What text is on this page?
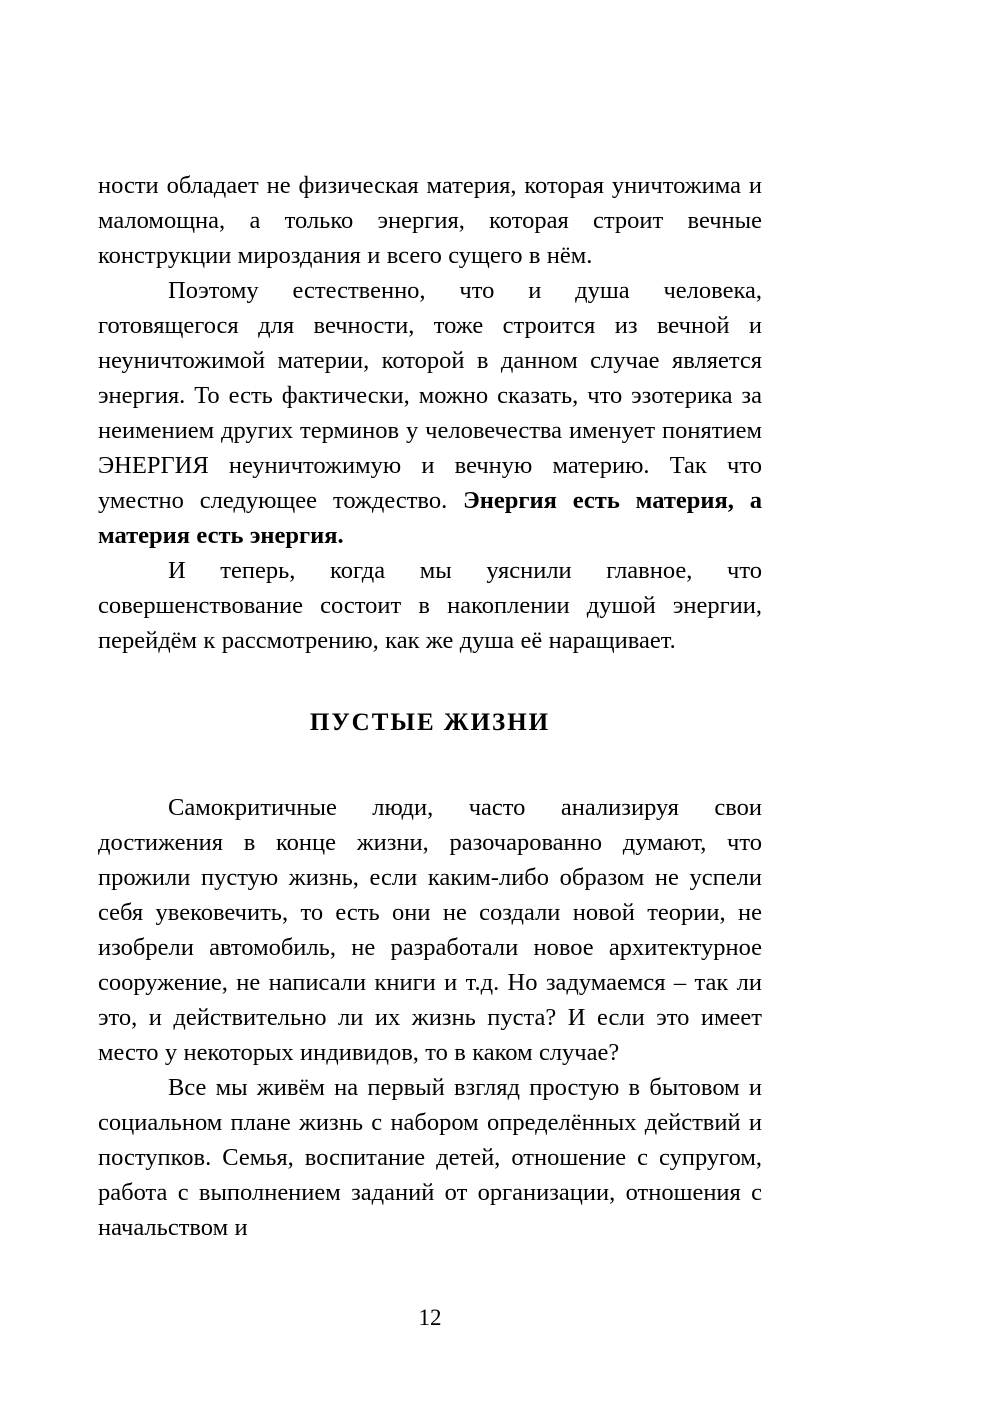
ности обладает не физическая материя, которая уничтожима и маломощна, а только энергия, которая строит вечные конструкции мироздания и всего сущего в нём.

Поэтому естественно, что и душа человека, готовящегося для вечности, тоже строится из вечной и неуничтожимой материи, которой в данном случае является энергия. То есть фактически, можно сказать, что эзотерика за неимением других терминов у человечества именует понятием ЭНЕРГИЯ неуничтожимую и вечную материю. Так что уместно следующее тождество. Энергия есть материя, а материя есть энергия.

И теперь, когда мы уяснили главное, что совершенствование состоит в накоплении душой энергии, перейдём к рассмотрению, как же душа её наращивает.

ПУСТЫЕ ЖИЗНИ

Самокритичные люди, часто анализируя свои достижения в конце жизни, разочарованно думают, что прожили пустую жизнь, если каким-либо образом не успели себя увековечить, то есть они не создали новой теории, не изобрели автомобиль, не разработали новое архитектурное сооружение, не написали книги и т.д. Но задумаемся – так ли это, и действительно ли их жизнь пуста? И если это имеет место у некоторых индивидов, то в каком случае?

Все мы живём на первый взгляд простую в бытовом и социальном плане жизнь с набором определённых действий и поступков. Семья, воспитание детей, отношение с супругом, работа с выполнением заданий от организации, отношения с начальством и

12
